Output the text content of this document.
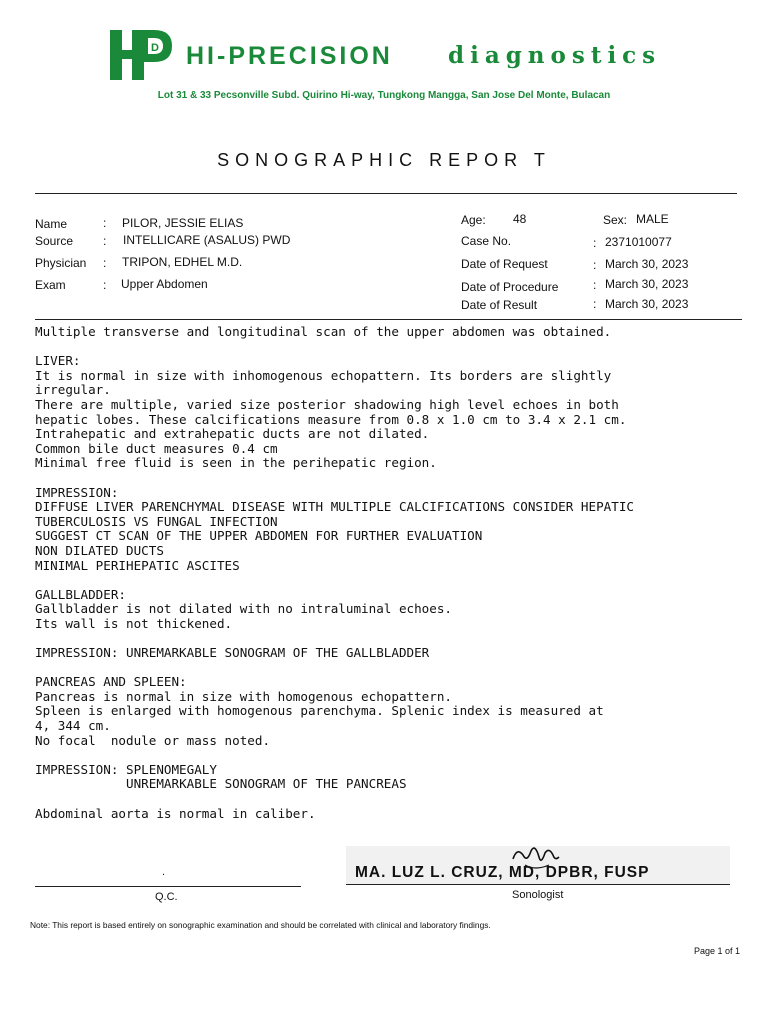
D HI-PRECISION diagnostics
Lot 31 & 33 Pecsonville Subd. Quirino Hi-way, Tungkong Mangga, San Jose Del Monte, Bulacan
SONOGRAPHIC REPOR T
Name	: PILOR, JESSIE ELIAS
Source : INTELLICARE (ASALUS) PWD
Physician : TRIPON, EDHEL M.D.
Exam	: Upper Abdomen
Age: 48	Sex: MALE
Case No.	: 2371010077
Date of Request	: March 30, 2023
Date of Procedure	: March 30, 2023
Date of Result	: March 30, 2023
Multiple transverse and longitudinal scan of the upper abdomen was obtained.

LIVER:
It is normal in size with inhomogenous echopattern. Its borders are slightly
irregular.
There are multiple, varied size posterior shadowing high level echoes in both
hepatic lobes. These calcifications measure from 0.8 x 1.0 cm to 3.4 x 2.1 cm.
Intrahepatic and extrahepatic ducts are not dilated.
Common bile duct measures 0.4 cm
Minimal free fluid is seen in the perihepatic region.

IMPRESSION:
DIFFUSE LIVER PARENCHYMAL DISEASE WITH MULTIPLE CALCIFICATIONS CONSIDER HEPATIC
TUBERCULOSIS VS FUNGAL INFECTION
SUGGEST CT SCAN OF THE UPPER ABDOMEN FOR FURTHER EVALUATION
NON DILATED DUCTS
MINIMAL PERIHEPATIC ASCITES

GALLBLADDER:
Gallbladder is not dilated with no intraluminal echoes.
Its wall is not thickened.

IMPRESSION: UNREMARKABLE SONOGRAM OF THE GALLBLADDER

PANCREAS AND SPLEEN:
Pancreas is normal in size with homogenous echopattern.
Spleen is enlarged with homogenous parenchyma. Splenic index is measured at
4, 344 cm.
No focal  nodule or mass noted.

IMPRESSION: SPLENOMEGALY
UNREMARKABLE SONOGRAM OF THE PANCREAS

Abdominal aorta is normal in caliber.
.
Q.C.
MA. LUZ L. CRUZ, MD, DPBR, FUSP
Sonologist
Note: This report is based entirely on sonographic examination and should be correlated with clinical and laboratory findings.
Page 1 of 1
